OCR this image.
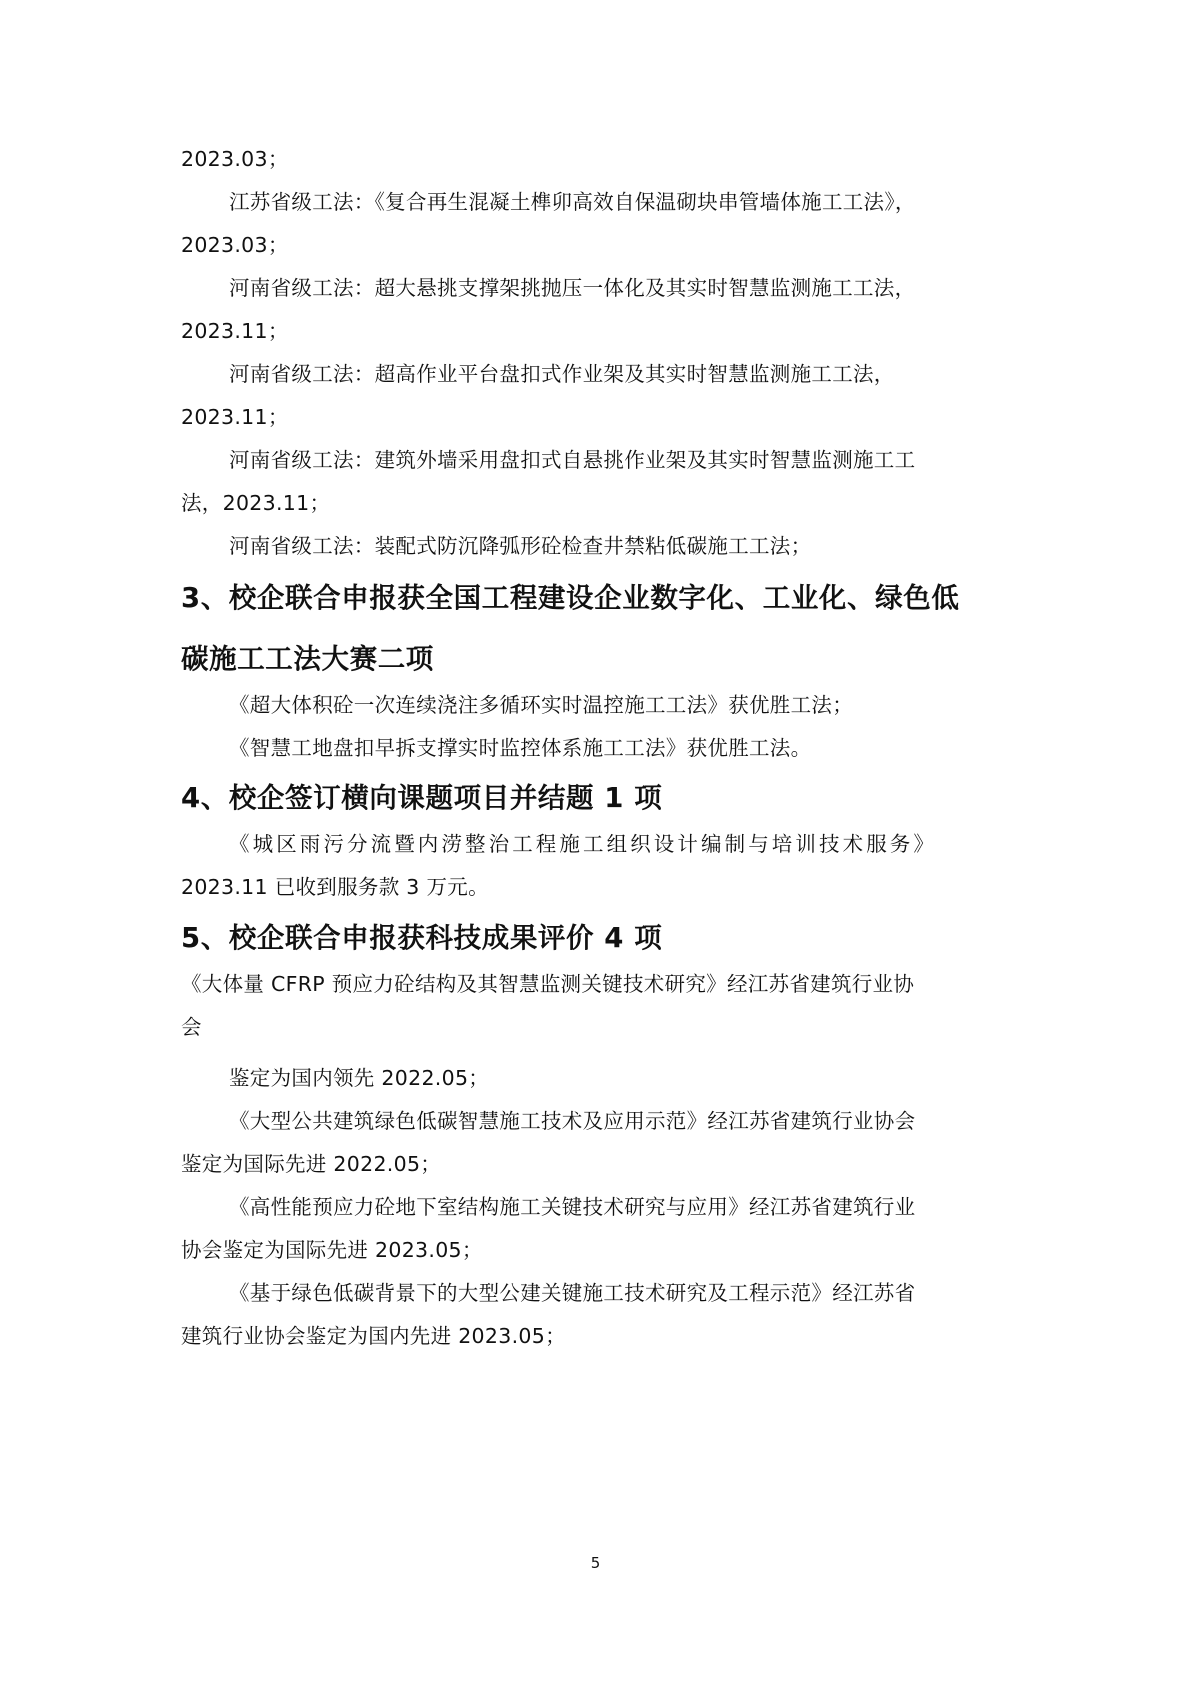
2023.03；
江苏省级工法：《复合再生混凝土榫卯高效自保温砌块串管墙体施工工法》，
2023.03；
河南省级工法：超大悬挑支撑架挑抛压一体化及其实时智慧监测施工工法，
2023.11；
河南省级工法：超高作业平台盘扣式作业架及其实时智慧监测施工工法，
2023.11；
河南省级工法：建筑外墙采用盘扣式自悬挑作业架及其实时智慧监测施工工
法，2023.11；
河南省级工法：装配式防沉降弧形砼检查井禁粘低碳施工工法；
3、校企联合申报获全国工程建设企业数字化、工业化、绿色低
碳施工工法大赛二项
《超大体积砼一次连续浇注多循环实时温控施工工法》获优胜工法；
《智慧工地盘扣早拆支撑实时监控体系施工工法》获优胜工法。
4、校企签订横向课题项目并结题 1 项
《城区雨污分流暨内涝整治工程施工组织设计编制与培训技术服务》
2023.11 已收到服务款 3 万元。
5、校企联合申报获科技成果评价 4 项
《大体量 CFRP 预应力砼结构及其智慧监测关键技术研究》经江苏省建筑行业协
会
鉴定为国内领先 2022.05；
《大型公共建筑绿色低碳智慧施工技术及应用示范》经江苏省建筑行业协会
鉴定为国际先进 2022.05；
《高性能预应力砼地下室结构施工关键技术研究与应用》经江苏省建筑行业
协会鉴定为国际先进 2023.05；
《基于绿色低碳背景下的大型公建关键施工技术研究及工程示范》经江苏省
建筑行业协会鉴定为国内先进 2023.05；
5
